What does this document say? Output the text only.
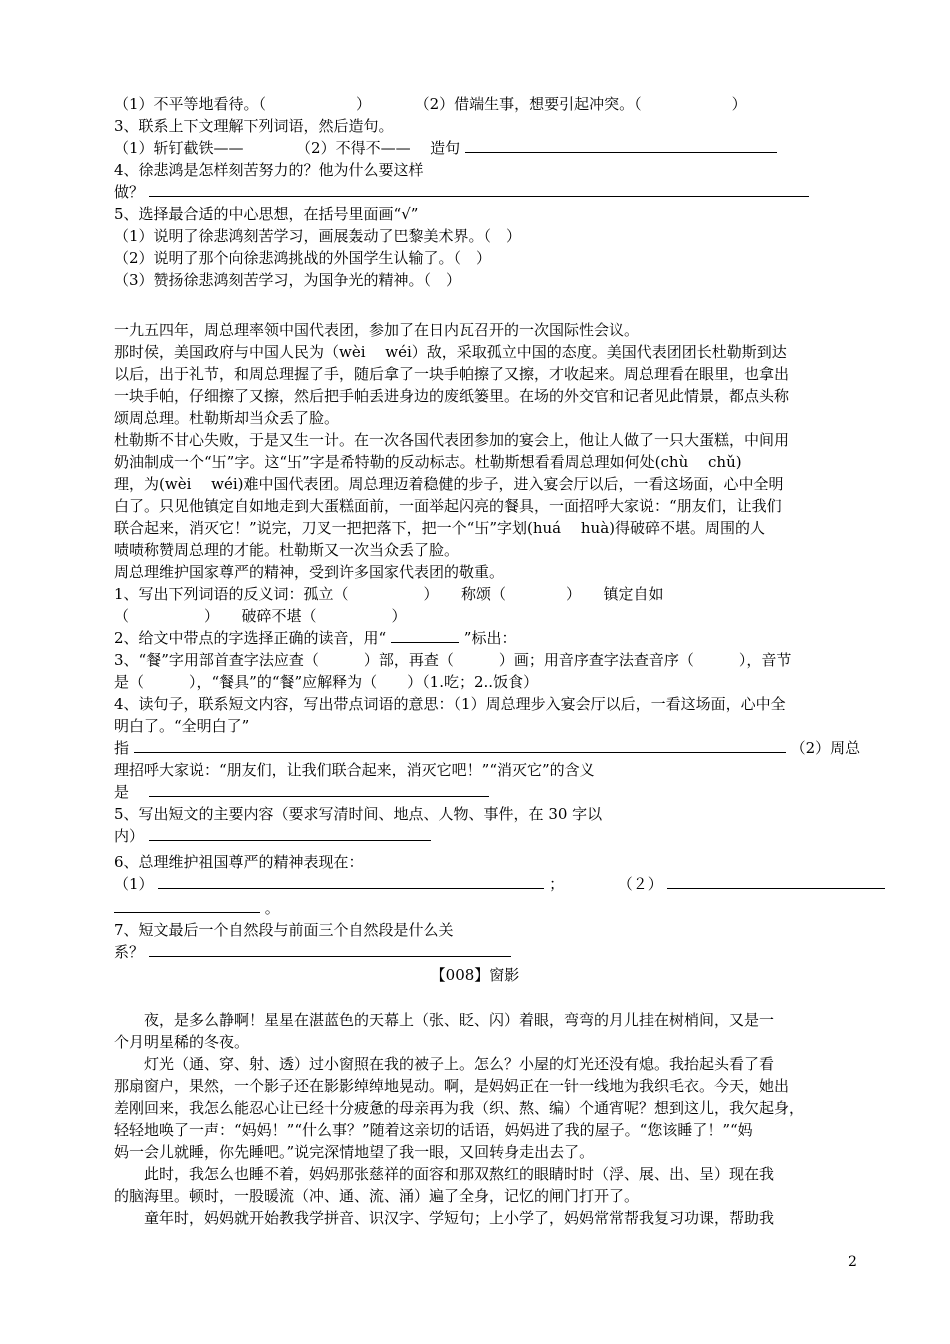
（1）不平等地看待。（　　　　　　）	（2）借端生事，想要引起冲突。（　　　　　　）
3、联系上下文理解下列词语，然后造句。
（1）斩钉截铁——　　　　（2）不得不—— 造句
4、徐悲鸿是怎样刻苦努力的？他为什么要这样
做？
5、选择最合适的中心思想，在括号里面画“√”
（1）说明了徐悲鸿刻苦学习，画展轰动了巴黎美术界。（　）
（2）说明了那个向徐悲鸿挑战的外国学生认输了。（　）
（3）赞扬徐悲鸿刻苦学习，为国争光的精神。（　）
一九五四年，周总理率领中国代表团，参加了在日内瓦召开的一次国际性会议。
那时侯，美国政府与中国人民为（wèi　 wéi）敌，采取孤立中国的态度。美国代表团团长杜勒斯到达
以后，出于礼节，和周总理握了手，随后拿了一块手帕擦了又擦，才收起来。周总理看在眼里，也拿出
一块手帕，仔细擦了又擦，然后把手帕丢进身边的废纸篓里。在场的外交官和记者见此情景，都点头称
颂周总理。杜勒斯却当众丢了脸。
杜勒斯不甘心失败，于是又生一计。在一次各国代表团参加的宴会上，他让人做了一只大蛋糕，中间用
奶油制成一个“卐”字。这“卐”字是希特勒的反动标志。杜勒斯想看看周总理如何处(chù　 chǔ)
理，为(wèi　 wéi)难中国代表团。周总理迈着稳健的步子，进入宴会厅以后，一看这场面，心中全明
白了。只见他镇定自如地走到大蛋糕面前，一面举起闪亮的餐具，一面招呼大家说：“朋友们，让我们
联合起来，消灭它！”说完，刀叉一把把落下，把一个“卐”字划(huá　 huà)得破碎不堪。周围的人
啧啧称赞周总理的才能。杜勒斯又一次当众丢了脸。
周总理维护国家尊严的精神，受到许多国家代表团的敬重。
1、写出下列词语的反义词：孤立（　　　　　）　　称颂（　　　　）　　镇定自如
（　　　　　）　　破碎不堪（　　　　　）
2、给文中带点的字选择正确的读音，用“	”标出：
3、“餐”字用部首查字法应查（　　　）部，再查（　　　）画；用音序查字法查音序（　　　），音节
是（　　　），“餐具”的“餐”应解释为（　　）（1.吃；2..饭食）
4、读句子，联系短文内容，写出带点词语的意思：（1）周总理步入宴会厅以后，一看这场面，心中全
明白了。“全明白了”
指	（2）周总
理招呼大家说：“朋友们，让我们联合起来，消灭它吧！”“消灭它”的含义
是
5、写出短文的主要内容（要求写清时间、地点、人物、事件，在 30 字以
内）
6、总理维护祖国尊严的精神表现在：
（1）	；	（２）
。
7、短文最后一个自然段与前面三个自然段是什么关
系？
【008】窗影
夜，是多么静啊！星星在湛蓝色的天幕上（张、眨、闪）着眼，弯弯的月儿挂在树梢间，又是一
个月明星稀的冬夜。
灯光（通、穿、射、透）过小窗照在我的被子上。怎么？小屋的灯光还没有熄。我抬起头看了看
那扇窗户，果然，一个影子还在影影绰绰地晃动。啊，是妈妈正在一针一线地为我织毛衣。今天，她出
差刚回来，我怎么能忍心让已经十分疲惫的母亲再为我（织、熬、编）个通宵呢？想到这儿，我欠起身，
轻轻地唤了一声：“妈妈！”“什么事？”随着这亲切的话语，妈妈进了我的屋子。“您该睡了！”“妈
妈一会儿就睡，你先睡吧。”说完深情地望了我一眼，又回转身走出去了。
此时，我怎么也睡不着，妈妈那张慈祥的面容和那双熬红的眼睛时时（浮、展、出、呈）现在我
的脑海里。顿时，一股暖流（冲、通、流、涌）遍了全身，记忆的闸门打开了。
童年时，妈妈就开始教我学拼音、识汉字、学短句；上小学了，妈妈常常帮我复习功课，帮助我
2
